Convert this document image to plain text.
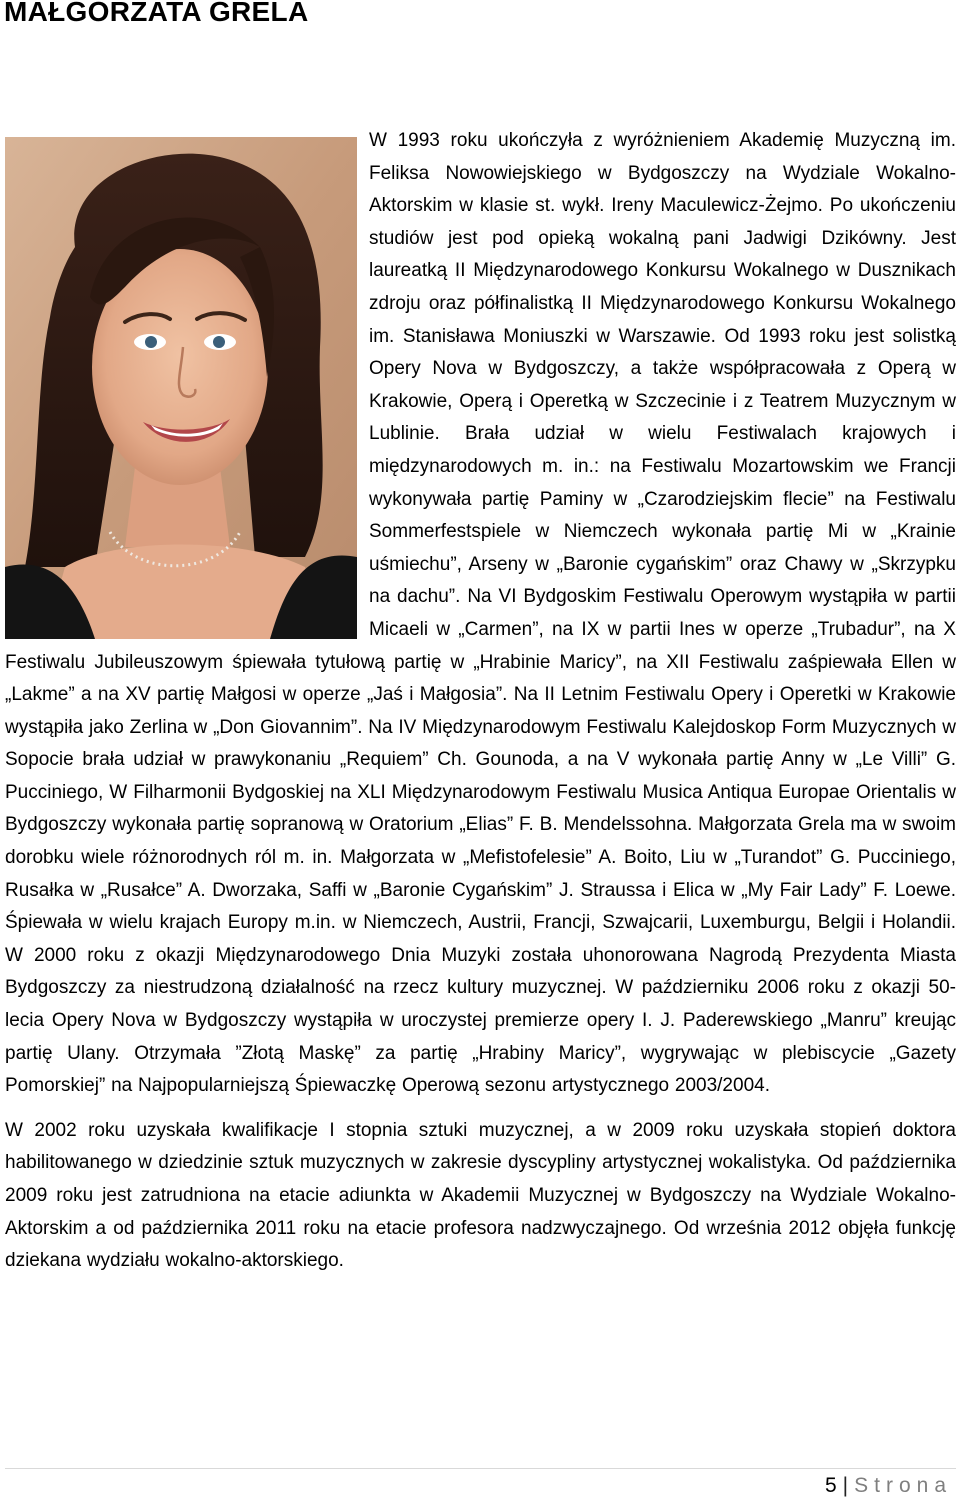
MAŁGORZATA GRELA

W 1993 roku ukończyła z wyróżnieniem Akademię Muzyczną im. Feliksa Nowowiejskiego w Bydgoszczy na Wydziale Wokalno-Aktorskim w klasie st. wykł. Ireny Maculewicz-Żejmo. Po ukończeniu studiów jest pod opieką wokalną pani Jadwigi Dzikówny. Jest laureatką II Międzynarodowego Konkursu Wokalnego w Dusznikach zdroju oraz półfinalistką II Międzynarodowego Konkursu Wokalnego im. Stanisława Moniuszki w Warszawie. Od 1993 roku jest solistką Opery Nova w Bydgoszczy, a także współpracowała z Operą w Krakowie, Operą i Operetką w Szczecinie i z Teatrem Muzycznym w Lublinie. Brała udział w wielu Festiwalach krajowych i międzynarodowych m. in.: na Festiwalu Mozartowskim we Francji wykonywała partię Paminy w „Czarodziejskim flecie” na Festiwalu Sommerfestspiele w Niemczech wykonała partię Mi w „Krainie uśmiechu”, Arseny w „Baronie cygańskim” oraz Chawy w „Skrzypku na dachu”. Na VI Bydgoskim Festiwalu Operowym wystąpiła w partii Micaeli w „Carmen”, na IX w partii Ines w operze „Trubadur”, na X Festiwalu Jubileuszowym śpiewała tytułową partię w „Hrabinie Maricy”, na XII Festiwalu zaśpiewała Ellen w „Lakme” a na XV partię Małgosi w operze „Jaś i Małgosia”. Na II Letnim Festiwalu Opery i Operetki w Krakowie wystąpiła jako Zerlina w „Don Giovannim”. Na IV Międzynarodowym Festiwalu Kalejdoskop Form Muzycznych w Sopocie brała udział w prawykonaniu „Requiem” Ch. Gounoda, a na V wykonała partię Anny w „Le Villi” G. Pucciniego, W Filharmonii Bydgoskiej na XLI Międzynarodowym Festiwalu Musica Antiqua Europae Orientalis w Bydgoszczy wykonała partię sopranową w Oratorium „Elias” F. B. Mendelssohna. Małgorzata Grela ma w swoim dorobku wiele różnorodnych ról m. in. Małgorzata w „Mefistofelesie” A. Boito, Liu w „Turandot” G. Pucciniego, Rusałka w „Rusałce” A. Dworzaka, Saffi w „Baronie Cygańskim” J. Straussa i Elica w „My Fair Lady” F. Loewe. Śpiewała w wielu krajach Europy m.in. w Niemczech, Austrii, Francji, Szwajcarii, Luxemburgu, Belgii i Holandii. W 2000 roku z okazji Międzynarodowego Dnia Muzyki została uhonorowana Nagrodą Prezydenta Miasta Bydgoszczy za niestrudzoną działalność na rzecz kultury muzycznej. W październiku 2006 roku z okazji 50-lecia Opery Nova w Bydgoszczy wystąpiła w uroczystej premierze opery I. J. Paderewskiego „Manru” kreując partię Ulany. Otrzymała ”Złotą Maskę” za partię „Hrabiny Maricy”, wygrywając w plebiscycie „Gazety Pomorskiej” na Najpopularniejszą Śpiewaczkę Operową sezonu artystycznego 2003/2004.

W 2002 roku uzyskała kwalifikacje I stopnia sztuki muzycznej, a w 2009 roku uzyskała stopień doktora habilitowanego w dziedzinie sztuk muzycznych w zakresie dyscypliny artystycznej wokalistyka. Od października 2009 roku jest zatrudniona na etacie adiunkta w Akademii Muzycznej w Bydgoszczy na Wydziale Wokalno-Aktorskim a od października 2011 roku na etacie profesora nadzwyczajnego. Od września 2012 objęła funkcję dziekana wydziału wokalno-aktorskiego.

5 | Strona
